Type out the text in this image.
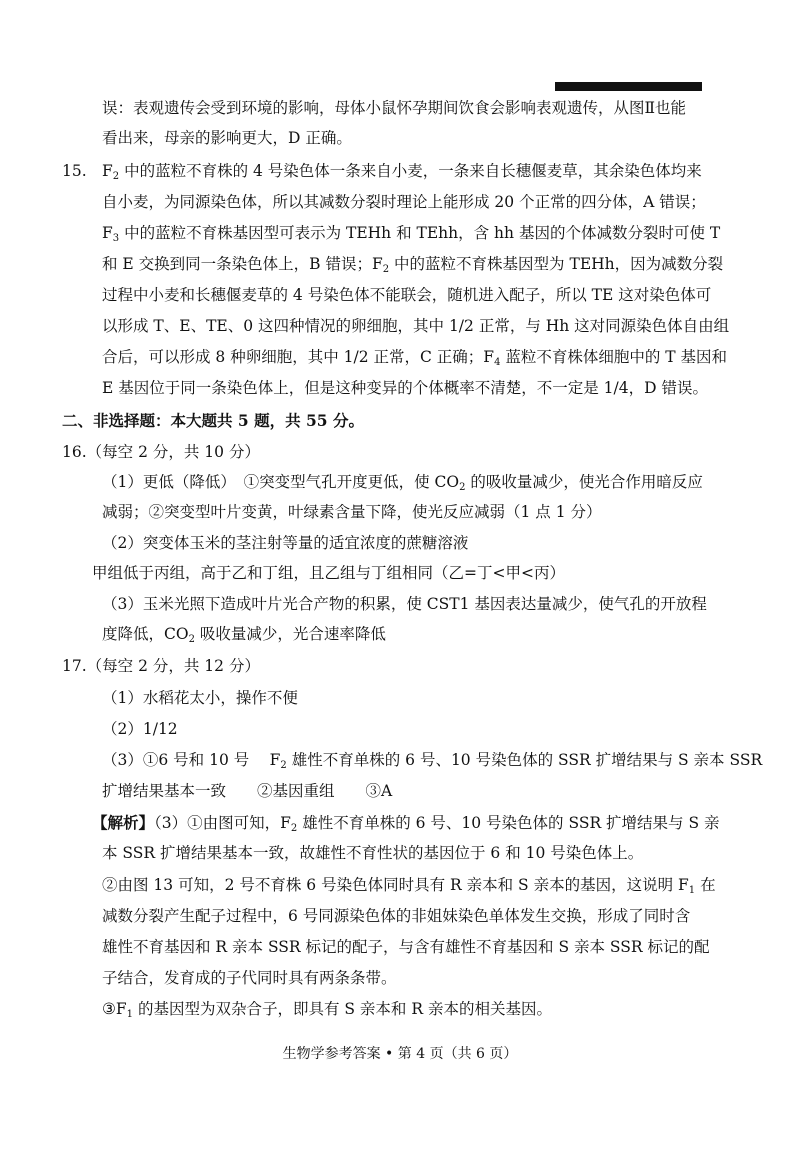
误：表观遗传会受到环境的影响，母体小鼠怀孕期间饮食会影响表观遗传，从图Ⅱ也能
看出来，母亲的影响更大，D 正确。
15. $F_2$ 中的蓝粒不育株的 4 号染色体一条来自小麦，一条来自长穗偃麦草，其余染色体均来
自小麦，为同源染色体，所以其减数分裂时理论上能形成 20 个正常的四分体，A 错误；
$F_3$ 中的蓝粒不育株基因型可表示为 TEHh 和 TEhh，含 hh 基因的个体减数分裂时可使 T
和 E 交换到同一条染色体上，B 错误；$F_2$ 中的蓝粒不育株基因型为 TEHh，因为减数分裂
过程中小麦和长穗偃麦草的 4 号染色体不能联会，随机进入配子，所以 TE 这对染色体可
以形成 T、E、TE、0 这四种情况的卵细胞，其中 1/2 正常，与 Hh 这对同源染色体自由组
合后，可以形成 8 种卵细胞，其中 1/2 正常，C 正确；$F_4$ 蓝粒不育株体细胞中的 T 基因和
E 基因位于同一条染色体上，但是这种变异的个体概率不清楚，不一定是 1/4，D 错误。
二、非选择题：本大题共 5 题，共 55 分。
16.（每空 2 分，共 10 分）
（1）更低（降低）　①突变型气孔开度更低，使 $CO_2$ 的吸收量减少，使光合作用暗反应
减弱；②突变型叶片变黄，叶绿素含量下降，使光反应减弱（1 点 1 分）
（2）突变体玉米的茎注射等量的适宜浓度的蔗糖溶液
甲组低于丙组，高于乙和丁组，且乙组与丁组相同（乙=丁<甲<丙）
（3）玉米光照下造成叶片光合产物的积累，使 CST1 基因表达量减少，使气孔的开放程
度降低，$CO_2$ 吸收量减少，光合速率降低
17.（每空 2 分，共 12 分）
（1）水稻花太小，操作不便
（2）1/12
（3）①6 号和 10 号　 $F_2$ 雄性不育单株的 6 号、10 号染色体的 SSR 扩增结果与 S 亲本 SSR
扩增结果基本一致　　②基因重组　　③A
【解析】（3）①由图可知，$F_2$ 雄性不育单株的 6 号、10 号染色体的 SSR 扩增结果与 S 亲
本 SSR 扩增结果基本一致，故雄性不育性状的基因位于 6 和 10 号染色体上。
②由图 13 可知，2 号不育株 6 号染色体同时具有 R 亲本和 S 亲本的基因，这说明 $F_1$ 在
减数分裂产生配子过程中，6 号同源染色体的非姐妹染色单体发生交换，形成了同时含
雄性不育基因和 R 亲本 SSR 标记的配子，与含有雄性不育基因和 S 亲本 SSR 标记的配
子结合，发育成的子代同时具有两条条带。
$③F_1$ 的基因型为双杂合子，即具有 S 亲本和 R 亲本的相关基因。
生物学参考答案 • 第 4 页（共 6 页）
